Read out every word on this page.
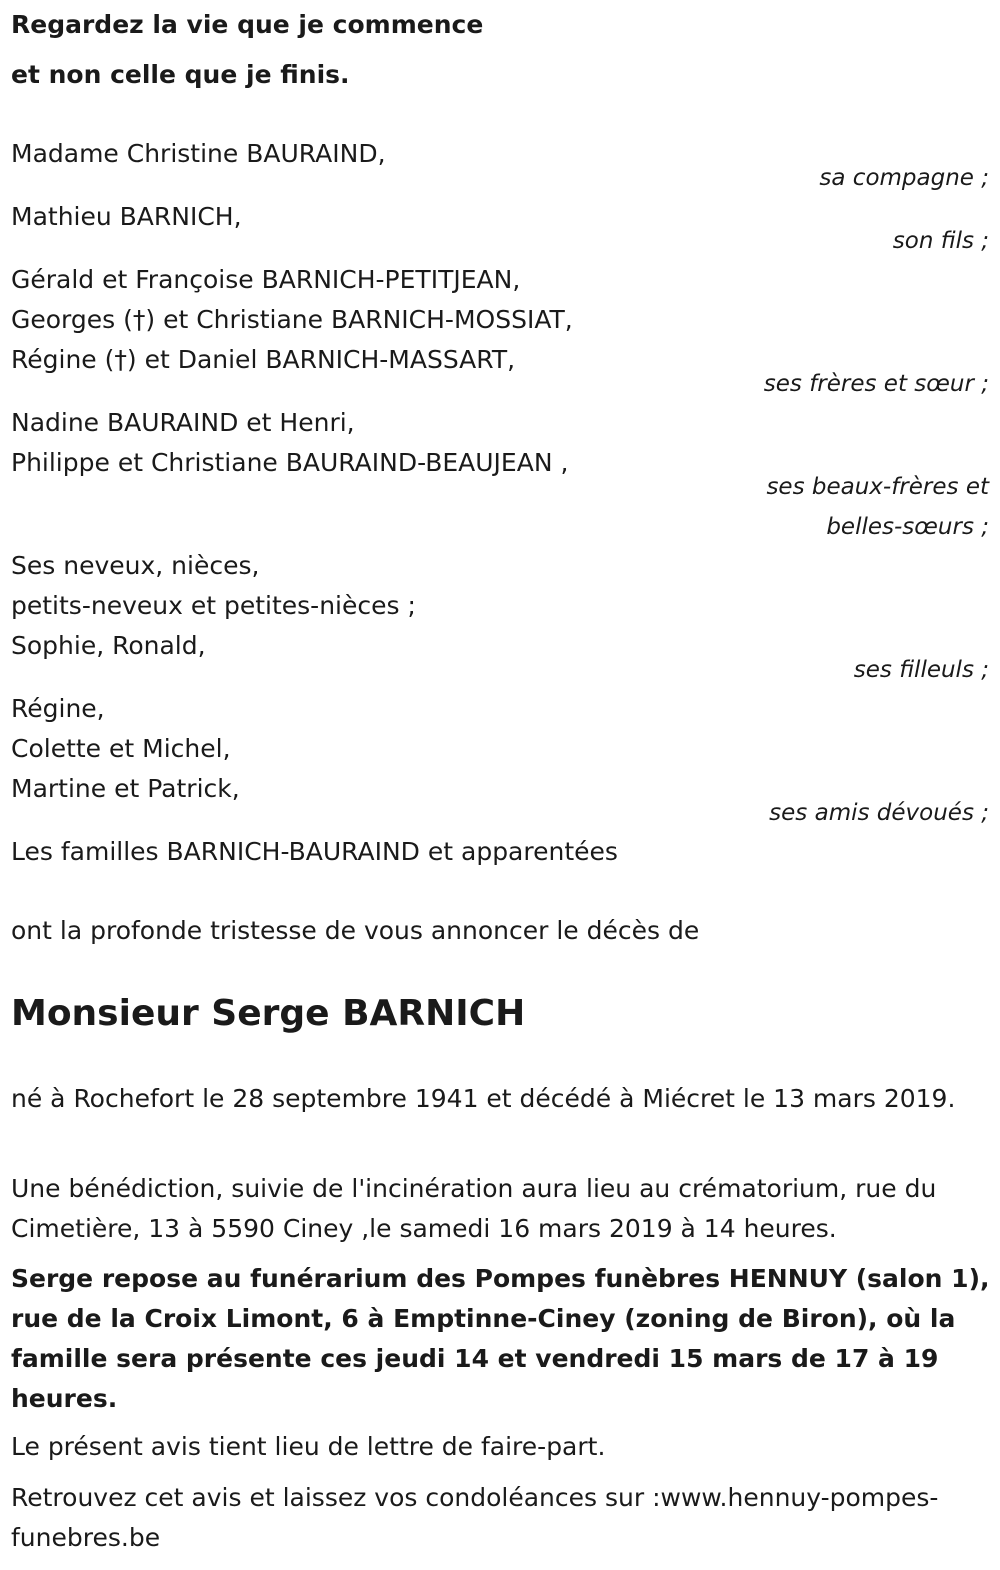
Regardez la vie que je commence
et non celle que je finis.
Madame Christine BAURAIND,
sa compagne ;
Mathieu BARNICH,
son fils ;
Gérald et Françoise BARNICH-PETITJEAN,
Georges (†) et Christiane BARNICH-MOSSIAT,
Régine (†) et Daniel BARNICH-MASSART,
ses frères et sœur ;
Nadine BAURAIND et Henri,
Philippe et Christiane BAURAIND-BEAUJEAN ,
ses beaux-frères et
belles-sœurs ;
Ses neveux, nièces,
petits-neveux et petites-nièces ;
Sophie, Ronald,
ses filleuls ;
Régine,
Colette et Michel,
Martine et Patrick,
ses amis dévoués ;
Les familles BARNICH-BAURAIND et apparentées
ont la profonde tristesse de vous annoncer le décès de
Monsieur Serge BARNICH
né à Rochefort le 28 septembre 1941 et décédé à Miécret le 13 mars 2019.
Une bénédiction, suivie de l'incinération aura lieu au crématorium, rue du Cimetière, 13 à 5590 Ciney ,le samedi 16 mars 2019 à 14 heures.
Serge repose au funérarium des Pompes funèbres HENNUY (salon 1), rue de la Croix Limont, 6 à Emptinne-Ciney (zoning de Biron), où la famille sera présente ces jeudi 14 et vendredi 15 mars de 17 à 19 heures.
Le présent avis tient lieu de lettre de faire-part.
Retrouvez cet avis et laissez vos condoléances sur :www.hennuy-pompes-funebres.be
